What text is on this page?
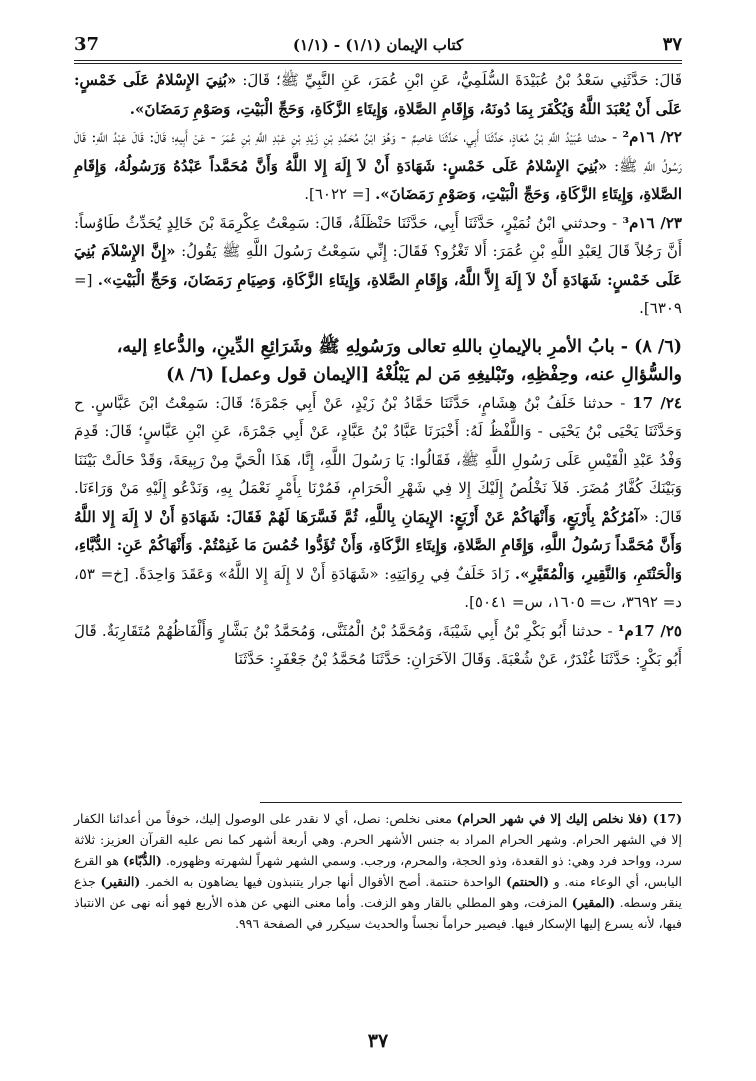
37	(١/١) - كتاب الإيمان (١/١)	٣٧

قَالَ: حَدَّثَنِي سَعْدُ بْنُ عُبَيْدَةَ السُّلَمِيُّ، عَنِ ابْنِ عُمَرَ، عَنِ النَّبِيِّ ﷺ؛ قَالَ: «بُنِيَ الإِسْلامُ عَلَى خَمْسٍ: عَلَى أَنْ يُعْبَدَ اللَّهُ وَيُكْفَرَ بِمَا دُونَهُ، وَإِقَامِ الصَّلاةِ، وَإِيتَاءِ الزَّكَاةِ، وَحَجِّ الْبَيْتِ، وَصَوْمِ رَمَضَانَ».

٢٢/ ١٦م² - حدثنا عُبَيْدُ اللَّهِ بْنُ مُعَاذٍ، حَدَّثَنَا أَبِي، حَدَّثَنَا عَاصِمٌ - وَهُوَ ابْنُ مُحَمَّدِ بْنِ زَيْدِ بْنِ عَبْدِ اللَّهِ بْنِ عُمَرَ - عَنْ أَبِيهِ؛ قَالَ: قَالَ عَبْدُ اللَّهِ: قَالَ رَسُولُ اللَّهِ ﷺ: «بُنِيَ الإِسْلامُ عَلَى خَمْسٍ: شَهَادَةِ أَنْ لاَ إِلَهَ إِلا اللَّهُ وَأَنَّ مُحَمَّداً عَبْدُهُ وَرَسُولُهُ، وَإِقَامِ الصَّلاةِ، وَإِيتَاءِ الزَّكَاةِ، وَحَجِّ الْبَيْتِ، وَصَوْمِ رَمَضَانَ». [= ٦٠٢٢].

٢٣/ ١٦م³ - وحدثني ابْنُ نُمَيْرٍ، حَدَّثَنَا أَبِي، حَدَّثَنَا حَنْظَلَةُ، قَالَ: سَمِعْتُ عِكْرِمَةَ بْنَ خَالِدٍ يُحَدِّثُ طَاوُساً: أَنَّ رَجُلاً قَالَ لِعَبْدِ اللَّهِ بْنِ عُمَرَ: أَلا تَغْزُو؟ فَقَالَ: إِنِّي سَمِعْتُ رَسُولَ اللَّهِ ﷺ يَقُولُ: «إِنَّ الإِسْلاَمَ بُنِيَ عَلَى خَمْسٍ: شَهَادَةِ أَنْ لاَ إِلَهَ إِلاَّ اللَّهُ، وَإِقَامِ الصَّلاةِ، وَإِيتَاءِ الزَّكَاةِ، وَصِيَامِ رَمَضَانَ، وَحَجِّ الْبَيْتِ». [= ٦٣٠٩].

(٦/ ٨) - بابُ الأمرِ بالإيمانِ باللهِ تعالى ورَسُولِهِ ﷺ وشَرَائِعِ الدِّينِ، والدُّعاءِ إليه، والسُّؤالِ عنه، وحِفْظِهِ، وتَبْليغِهِ مَن لم يَبْلُغْهُ [الإيمان قول وعمل] (٦/ ٨)

٢٤/ 17 - حدثنا خَلَفُ بْنُ هِشَامٍ، حَدَّثَنَا حَمَّادُ بْنُ زَيْدٍ، عَنْ أَبِي جَمْرَةَ؛ قَالَ: سَمِعْتُ ابْنَ عَبَّاسٍ. ح وَحَدَّثَنَا يَحْيَى بْنُ يَحْيَى - وَاللَّفْظُ لَهُ: أَخْبَرَنَا عَبَّادُ بْنُ عَبَّادٍ، عَنْ أَبِي جَمْرَةَ، عَنِ ابْنِ عَبَّاسٍ؛ قَالَ: قَدِمَ وَفْدُ عَبْدِ الْقَيْسِ عَلَى رَسُولِ اللَّهِ ﷺ، فَقَالُوا: يَا رَسُولَ اللَّهِ، إِنَّا، هَذَا الْحَيَّ مِنْ رَبِيعَةَ، وَقَدْ حَالَتْ بَيْنَنَا وَبَيْنَكَ كُفَّارُ مُضَرَ. فَلاَ نَخْلُصُ إِلَيْكَ إِلا فِي شَهْرِ الْحَرَامِ، فَمُرْنَا بِأَمْرٍ نَعْمَلُ بِهِ، وَنَدْعُو إِلَيْهِ مَنْ وَرَاءَنَا. قَالَ: «آمُرُكُمْ بِأَرْبَعٍ، وَأَنْهَاكُمْ عَنْ أَرْبَعٍ: الإِيمَانِ بِاللَّهِ، ثُمَّ فَسَّرَهَا لَهُمْ فَقَالَ: شَهَادَةِ أَنْ لا إِلَهَ إِلا اللَّهُ وَأَنَّ مُحَمَّداً رَسُولُ اللَّهِ، وَإِقَامِ الصَّلاةِ، وَإِيتَاءِ الزَّكَاةِ، وَأَنْ تُؤَدُّوا خُمُسَ مَا غَنِمْتُمْ. وَأَنْهَاكُمْ عَنِ: الدُّبَّاءِ، وَالْحَنْتَمِ، وَالنَّقِيرِ، وَالْمُقَيَّرِ». زَادَ خَلَفٌ فِي رِوَايَتِهِ: «شَهَادَةِ أَنْ لا إِلَهَ إِلا اللَّهُ» وَعَقَدَ وَاحِدَةً. [خ= ٥٣، د= ٣٦٩٢، ت= ١٦٠٥، س= ٥٠٤١].

٢٥/ 17م¹ - حدثنا أَبُو بَكْرِ بْنُ أَبِي شَيْبَةَ، وَمُحَمَّدُ بْنُ الْمُثَنَّى، وَمُحَمَّدُ بْنُ بَشَّارٍ وَأَلْفَاظُهُمْ مُتَقَارِبَةٌ. قَالَ أَبُو بَكْرٍ: حَدَّثَنَا غُنْدَرٌ، عَنْ شُعْبَةَ. وَقَالَ الآخَرَانِ: حَدَّثَنَا مُحَمَّدُ بْنُ جَعْفَرٍ: حَدَّثَنَا

(17) (فلا نخلص إليك إلا في شهر الحرام) معنى نخلص: نصل، أي لا نقدر على الوصول إليك، خوفاً من أعدائنا الكفار إلا في الشهر الحرام. وشهر الحرام المراد به جنس الأشهر الحرم. وهي أربعة أشهر كما نص عليه القرآن العزيز: ثلاثة سرد، وواحد فرد وهي: ذو القعدة، وذو الحجة، والمحرم، ورجب. وسمي الشهر شهراً لشهرته وظهوره. (الدُّبّاء) هو القرع اليابس، أي الوعاء منه. و (الحنتم) الواحدة حنتمة. أصح الأقوال أنها جرار يتنبذون فيها يضاهون به الخمر. (النقير) جذع ينقر وسطه. (المقير) المزفت، وهو المطلي بالقار وهو الزفت. وأما معنى النهي عن هذه الأربع فهو أنه نهى عن الانتباذ فيها، لأنه يسرع إليها الإسكار فيها. فيصير حراماً نجساً والحديث سيكرر في الصفحة ٩٩٦.
٣٧
